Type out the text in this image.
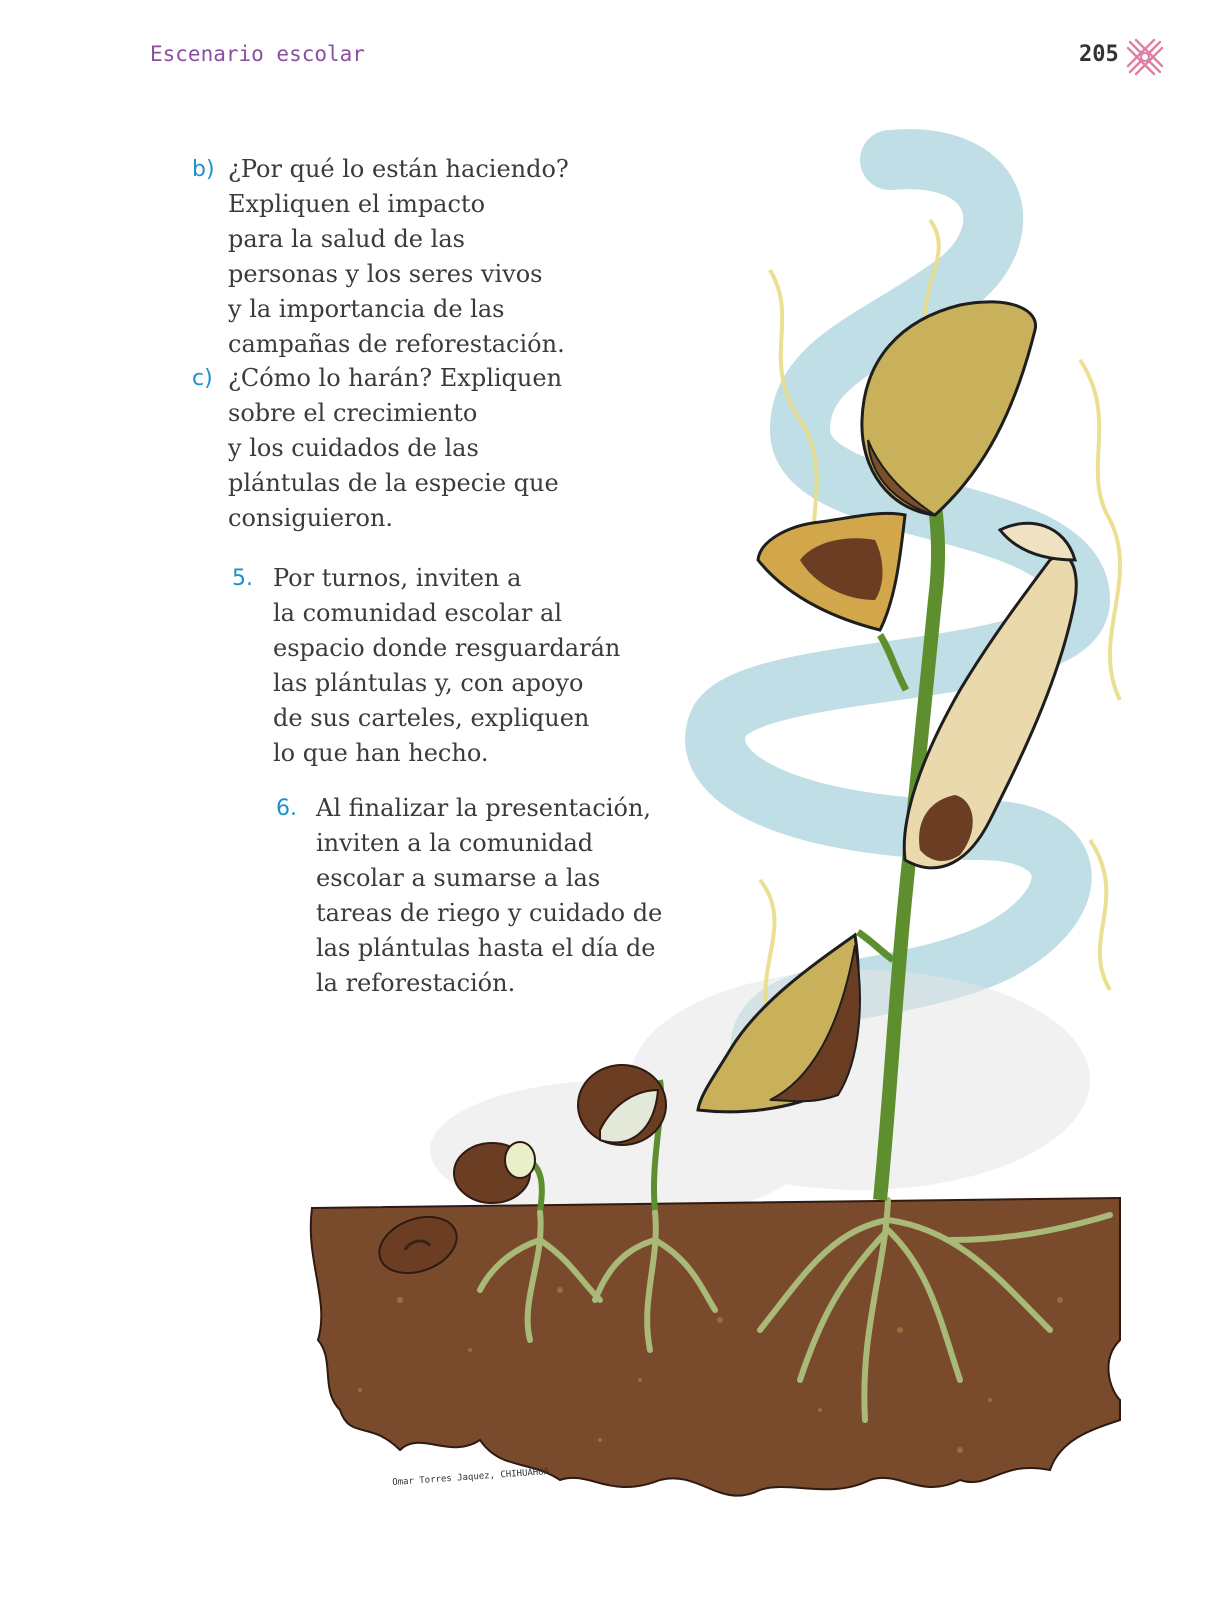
Escenario escolar	205
b) ¿Por qué lo están haciendo?
Expliquen el impacto
para la salud de las
personas y los seres vivos
y la importancia de las
campañas de reforestación.
c) ¿Cómo lo harán? Expliquen
sobre el crecimiento
y los cuidados de las
plántulas de la especie que
consiguieron.
5. Por turnos, inviten a
la comunidad escolar al
espacio donde resguardarán
las plántulas y, con apoyo
de sus carteles, expliquen
lo que han hecho.
6. Al finalizar la presentación,
inviten a la comunidad
escolar a sumarse a las
tareas de riego y cuidado de
las plántulas hasta el día de
la reforestación.
Omar Torres Jaquez, CHIHUAHUA
